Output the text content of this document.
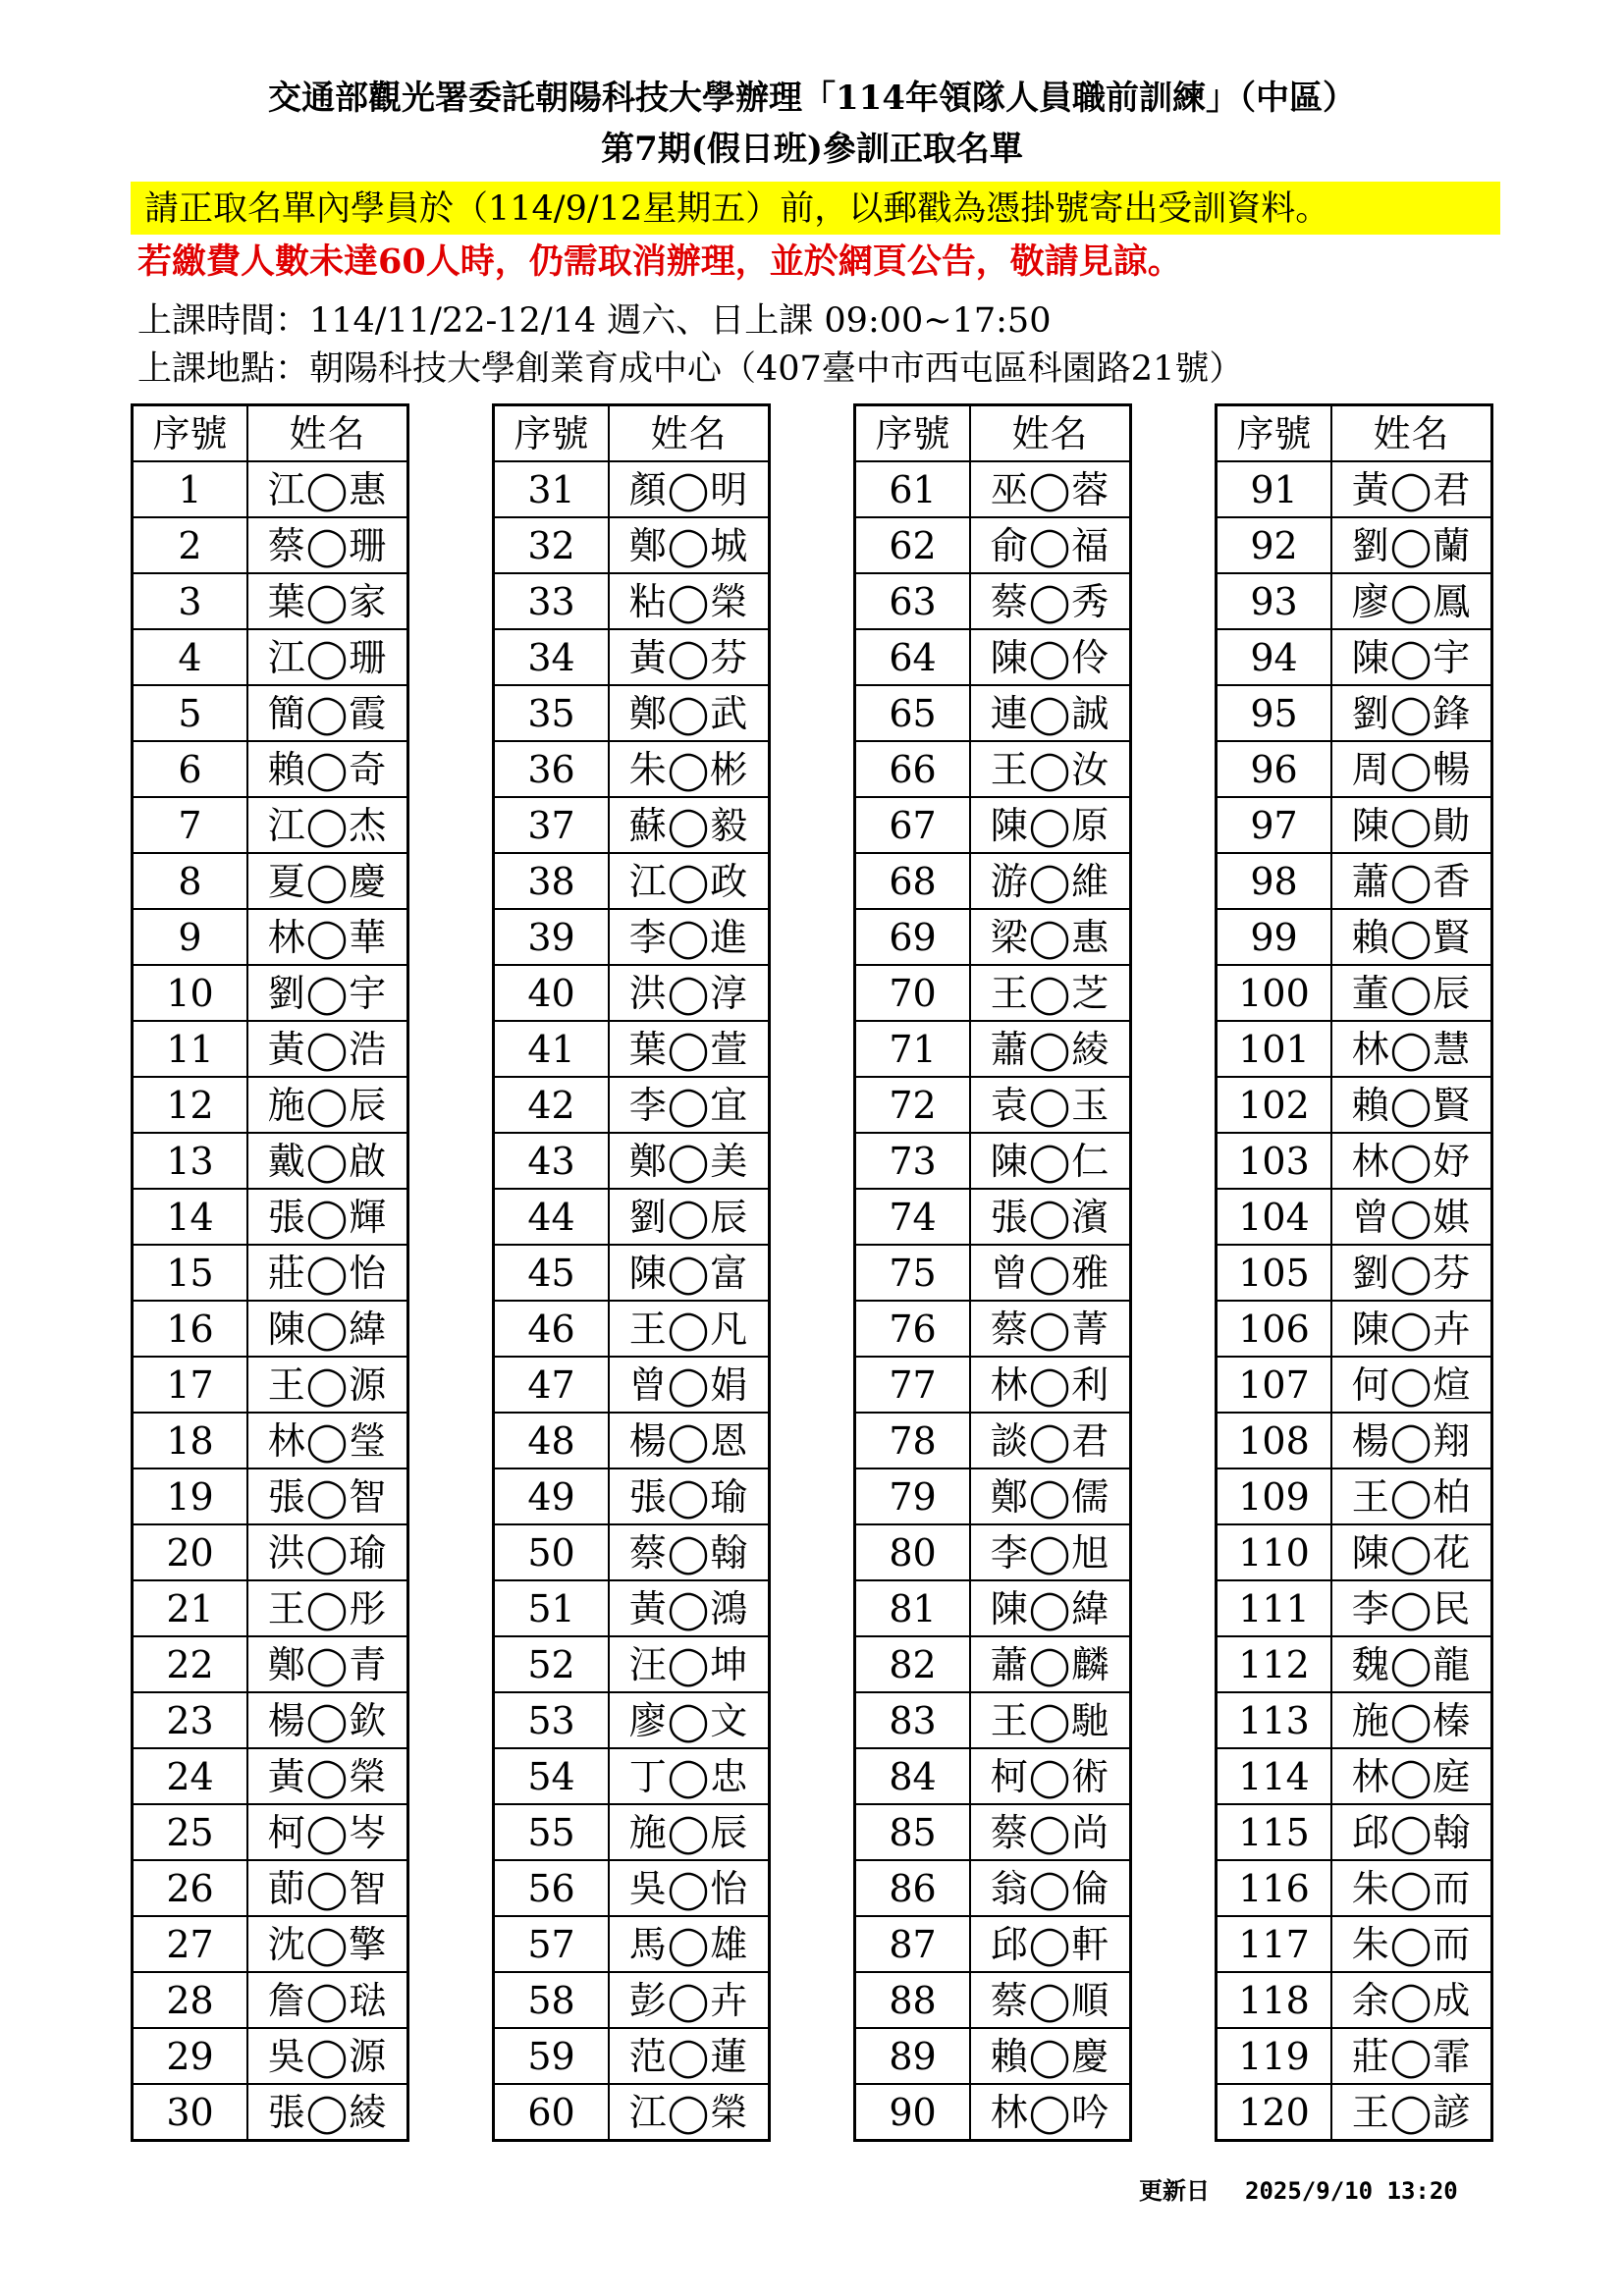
交通部觀光署委託朝陽科技大學辦理「114年領隊人員職前訓練」（中區）
第7期(假日班)參訓正取名單
請正取名單內學員於（114/9/12星期五）前，以郵戳為憑掛號寄出受訓資料。
若繳費人數未達60人時，仍需取消辦理，並於網頁公告，敬請見諒。
上課時間：114/11/22-12/14 週六、日上課 09:00~17:50
上課地點：朝陽科技大學創業育成中心（407臺中市西屯區科園路21號）
序號	姓名
1	江◯惠
2	蔡◯珊
3	葉◯家
4	江◯珊
5	簡◯霞
6	賴◯奇
7	江◯杰
8	夏◯慶
9	林◯華
10	劉◯宇
11	黃◯浩
12	施◯辰
13	戴◯啟
14	張◯輝
15	莊◯怡
16	陳◯緯
17	王◯源
18	林◯瑩
19	張◯智
20	洪◯瑜
21	王◯彤
22	鄭◯青
23	楊◯欽
24	黃◯榮
25	柯◯岑
26	莭◯智
27	沈◯擎
28	詹◯琺
29	吳◯源
30	張◯綾
序號	姓名
31	顏◯明
32	鄭◯城
33	粘◯榮
34	黃◯芬
35	鄭◯武
36	朱◯彬
37	蘇◯毅
38	江◯政
39	李◯進
40	洪◯淳
41	葉◯萱
42	李◯宜
43	鄭◯美
44	劉◯辰
45	陳◯富
46	王◯凡
47	曾◯娟
48	楊◯恩
49	張◯瑜
50	蔡◯翰
51	黃◯鴻
52	汪◯坤
53	廖◯文
54	丁◯忠
55	施◯辰
56	吳◯怡
57	馬◯雄
58	彭◯卉
59	范◯蓮
60	江◯榮
序號	姓名
61	巫◯蓉
62	俞◯福
63	蔡◯秀
64	陳◯伶
65	連◯誠
66	王◯汝
67	陳◯原
68	游◯維
69	梁◯惠
70	王◯芝
71	蕭◯綾
72	袁◯玉
73	陳◯仁
74	張◯濱
75	曾◯雅
76	蔡◯菁
77	林◯利
78	談◯君
79	鄭◯儒
80	李◯旭
81	陳◯緯
82	蕭◯麟
83	王◯馳
84	柯◯術
85	蔡◯尚
86	翁◯倫
87	邱◯軒
88	蔡◯順
89	賴◯慶
90	林◯吟
序號	姓名
91	黃◯君
92	劉◯蘭
93	廖◯鳳
94	陳◯宇
95	劉◯鋒
96	周◯暢
97	陳◯勛
98	蕭◯香
99	賴◯賢
100	董◯辰
101	林◯慧
102	賴◯賢
103	林◯妤
104	曾◯娸
105	劉◯芬
106	陳◯卉
107	何◯煊
108	楊◯翔
109	王◯柏
110	陳◯花
111	李◯民
112	魏◯龍
113	施◯榛
114	林◯庭
115	邱◯翰
116	朱◯而
117	朱◯而
118	余◯成
119	莊◯霏
120	王◯諺
更新日 2025/9/10 13:20
